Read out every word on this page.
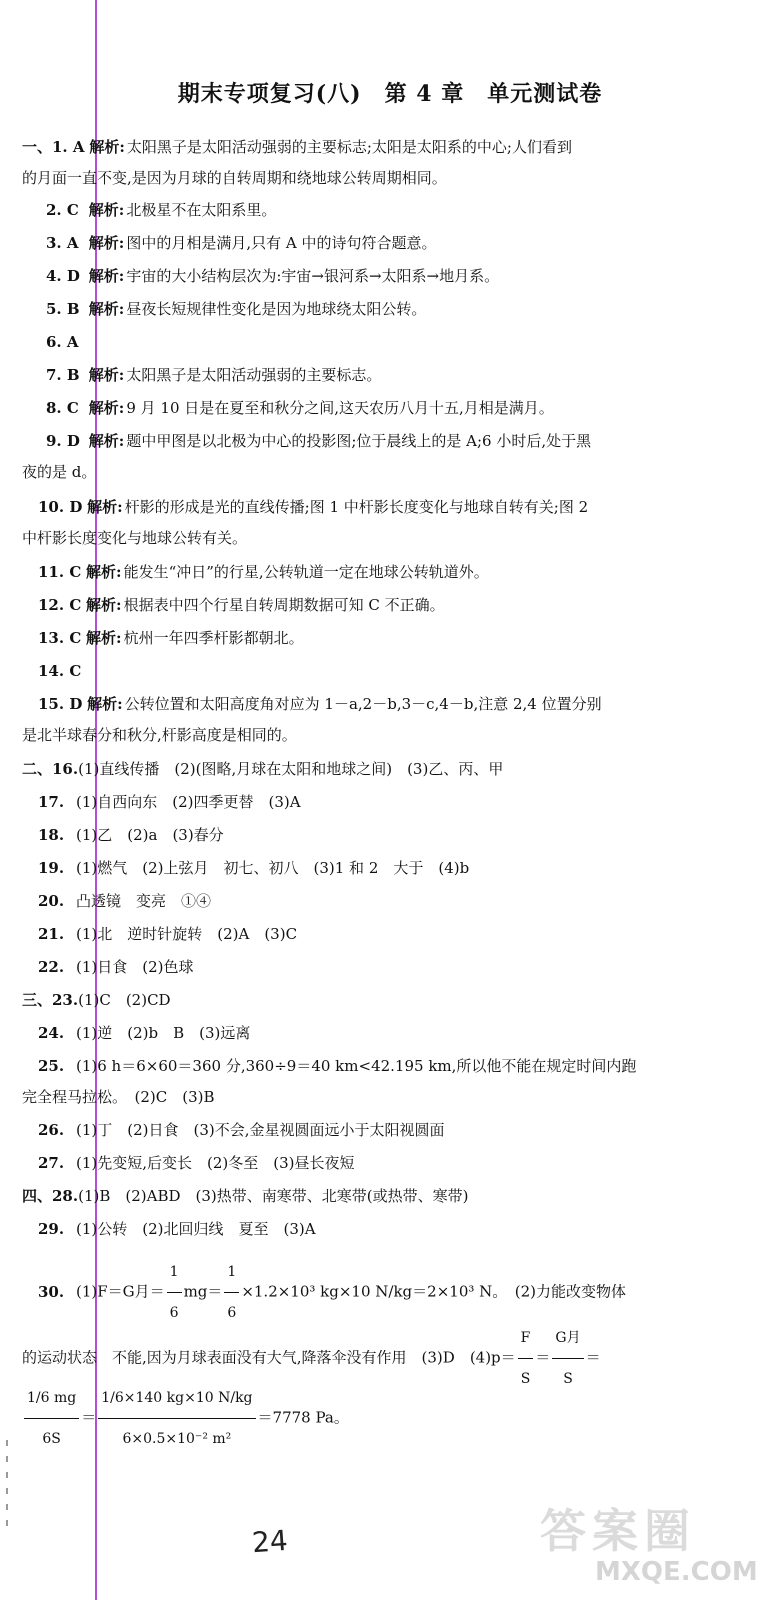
期末专项复习(八)　第 4 章　单元测试卷
一、1. A 解析: 太阳黑子是太阳活动强弱的主要标志;太阳是太阳系的中心;人们看到
的月面一直不变,是因为月球的自转周期和绕地球公转周期相同。
2. C 解析: 北极星不在太阳系里。
3. A 解析: 图中的月相是满月,只有 A 中的诗句符合题意。
4. D 解析: 宇宙的大小结构层次为:宇宙→银河系→太阳系→地月系。
5. B 解析: 昼夜长短规律性变化是因为地球绕太阳公转。
6. A
7. B 解析: 太阳黑子是太阳活动强弱的主要标志。
8. C 解析: 9 月 10 日是在夏至和秋分之间,这天农历八月十五,月相是满月。
9. D 解析: 题中甲图是以北极为中心的投影图;位于晨线上的是 A;6 小时后,处于黑
夜的是 d。
10. D 解析: 杆影的形成是光的直线传播;图 1 中杆影长度变化与地球自转有关;图 2
中杆影长度变化与地球公转有关。
11. C 解析: 能发生“冲日”的行星,公转轨道一定在地球公转轨道外。
12. C 解析: 根据表中四个行星自转周期数据可知 C 不正确。
13. C 解析: 杭州一年四季杆影都朝北。
14. C
15. D 解析: 公转位置和太阳高度角对应为 1－a,2－b,3－c,4－b,注意 2,4 位置分别
是北半球春分和秋分,杆影高度是相同的。
二、16.(1)直线传播　(2)(图略,月球在太阳和地球之间)　(3)乙、丙、甲
17. (1)自西向东　(2)四季更替　(3)A
18. (1)乙　(2)a　(3)春分
19. (1)燃气　(2)上弦月　初七、初八　(3)1 和 2　大于　(4)b
20. 凸透镜　变亮　①④
21. (1)北　逆时针旋转　(2)A　(3)C
22. (1)日食　(2)色球
三、23.(1)C　(2)CD
24. (1)逆　(2)b　B　(3)远离
25. (1)6 h＝6×60＝360 分,360÷9＝40 km<42.195 km,所以他不能在规定时间内跑
完全程马拉松。　(2)C　(3)B
26. (1)丁　(2)日食　(3)不会,金星视圆面远小于太阳视圆面
27. (1)先变短,后变长　(2)冬至　(3)昼长夜短
四、28.(1)B　(2)ABD　(3)热带、南寒带、北寒带(或热带、寒带)
29. (1)公转　(2)北回归线　夏至　(3)A
30. (1)F＝G月＝ $\frac{1}{6} mg= \frac{1}{6} \times 1.2\times 10^3$ kg×10 N/kg＝2×10³ N。　(2)力能改变物体
的运动状态　不能,因为月球表面没有大气,降落伞没有作用　(3)D　$(4)p= \frac{F}{S} = \frac{\text{G月}}{S}$ ＝
$\frac{1/6 mg}{6S} = \frac{1/6\times 140 kg\times 10 N/kg}{\text{6×0.5×10⁻² m²}} =7778$ Pa。
24	答案圈
MXQE.COM
